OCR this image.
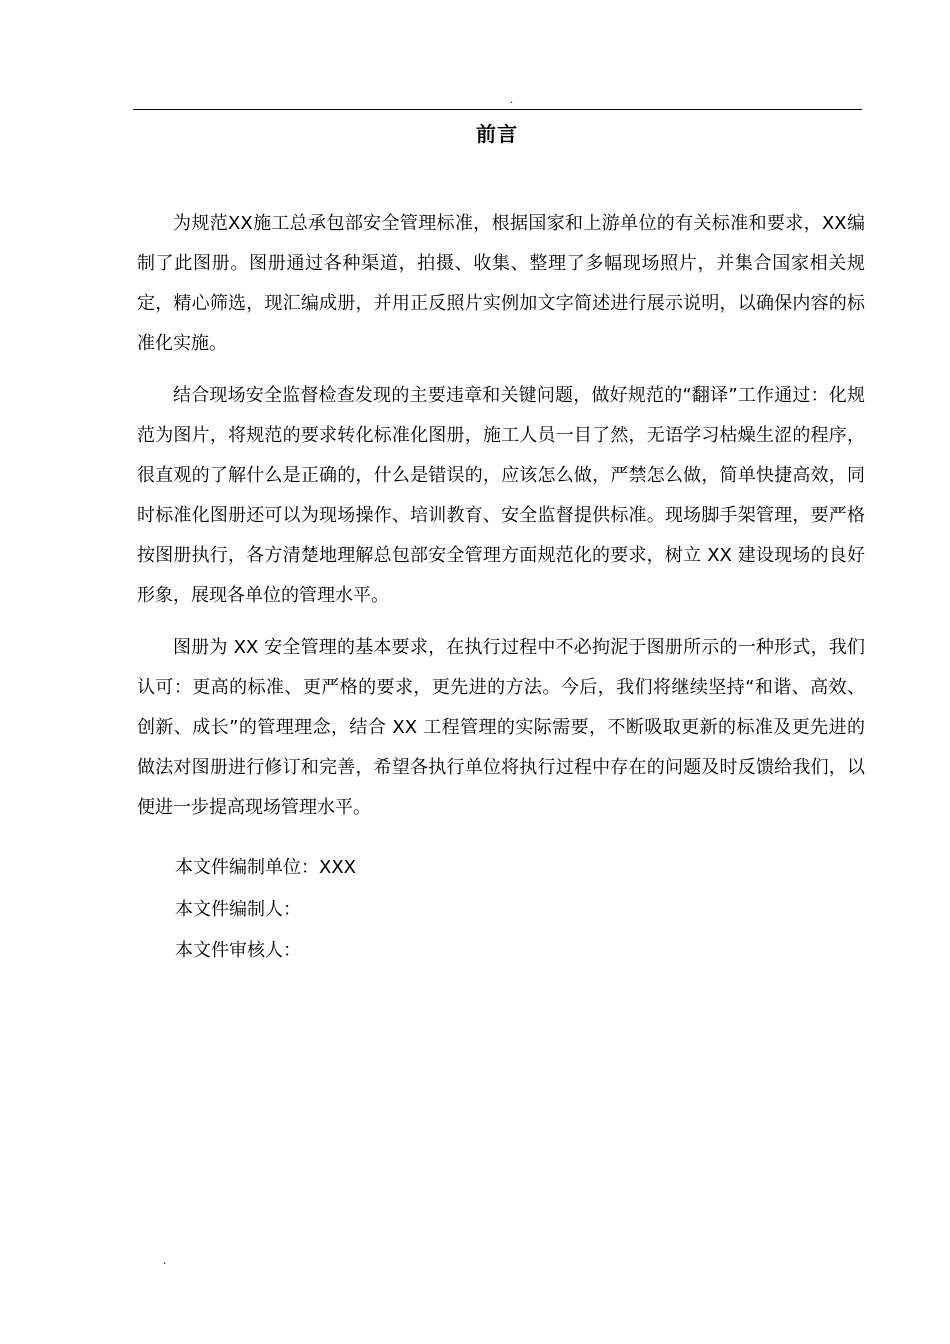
.
前言

为规范XX施工总承包部安全管理标准，根据国家和上游单位的有关标准和要求，XX编制了此图册。图册通过各种渠道，拍摄、收集、整理了多幅现场照片，并集合国家相关规定，精心筛选，现汇编成册，并用正反照片实例加文字简述进行展示说明，以确保内容的标准化实施。

结合现场安全监督检查发现的主要违章和关键问题，做好规范的“翻译”工作通过：化规范为图片，将规范的要求转化标准化图册，施工人员一目了然，无语学习枯燥生涩的程序，很直观的了解什么是正确的，什么是错误的，应该怎么做，严禁怎么做，简单快捷高效，同时标准化图册还可以为现场操作、培训教育、安全监督提供标准。现场脚手架管理，要严格按图册执行，各方清楚地理解总包部安全管理方面规范化的要求，树立 XX 建设现场的良好形象，展现各单位的管理水平。

图册为 XX 安全管理的基本要求，在执行过程中不必拘泥于图册所示的一种形式，我们认可：更高的标准、更严格的要求，更先进的方法。今后，我们将继续坚持“和谐、高效、创新、成长”的管理理念，结合 XX 工程管理的实际需要，不断吸取更新的标准及更先进的做法对图册进行修订和完善，希望各执行单位将执行过程中存在的问题及时反馈给我们，以便进一步提高现场管理水平。

本文件编制单位：XXX
本文件编制人：
本文件审核人：
.
